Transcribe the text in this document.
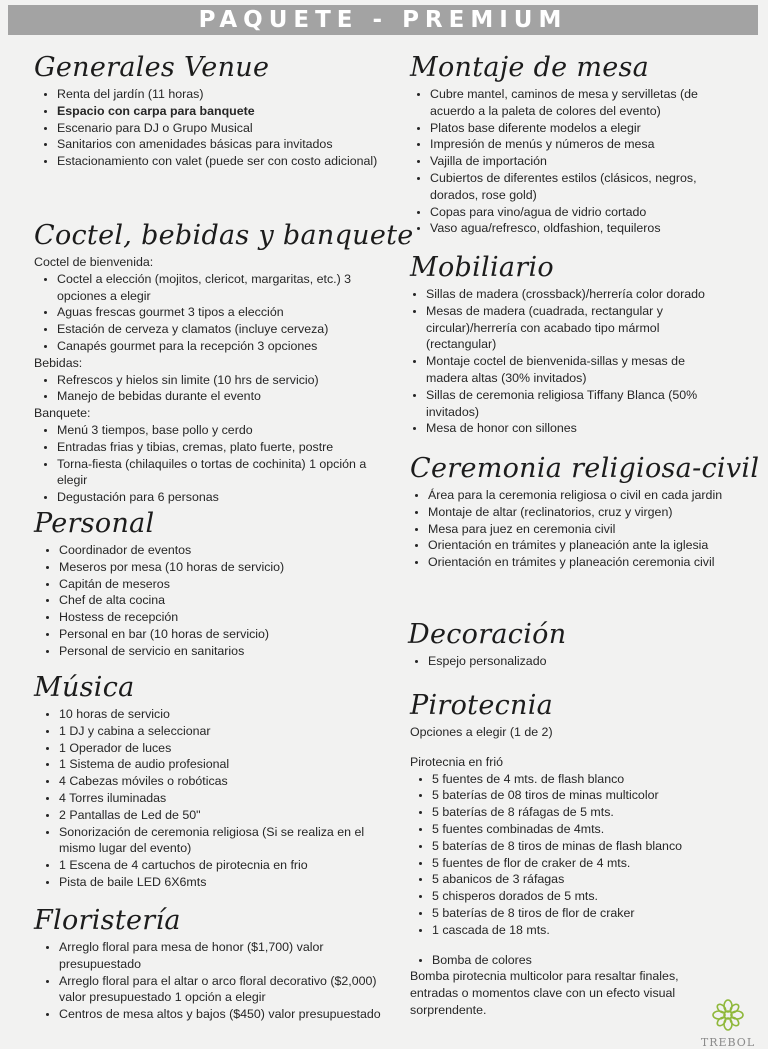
PAQUETE - PREMIUM
Generales Venue
• Renta del jardín (11 horas)
• Espacio con carpa para banquete
• Escenario para DJ o Grupo Musical
• Sanitarios con amenidades básicas para invitados
• Estacionamiento con valet (puede ser con costo adicional)
Coctel, bebidas y banquete

Coctel de bienvenida:

• Coctel a elección (mojitos, clericot, margaritas, etc.) 3 opciones a elegir
• Aguas frescas gourmet 3 tipos a elección
• Estación de cerveza y clamatos (incluye cerveza)
• Canapés gourmet para la recepción 3 opciones

Bebidas:

• Refrescos y hielos sin limite (10 hrs de servicio)
• Manejo de bebidas durante el evento

Banquete:

• Menú 3 tiempos, base pollo y cerdo
• Entradas frias y tibias, cremas, plato fuerte, postre
• Torna-fiesta (chilaquiles o tortas de cochinita) 1 opción a elegir
• Degustación para 6 personas
Personal
• Coordinador de eventos
• Meseros por mesa (10 horas de servicio)
• Capitán de meseros
• Chef de alta cocina
• Hostess de recepción
• Personal en bar (10 horas de servicio)
• Personal de servicio en sanitarios
Música
• 10 horas de servicio
• 1 DJ y cabina a seleccionar
• 1 Operador de luces
• 1 Sistema de audio profesional
• 4 Cabezas móviles o robóticas
• 4 Torres iluminadas
• 2 Pantallas de Led de 50"
• Sonorización de ceremonia religiosa (Si se realiza en el mismo lugar del evento)
• 1 Escena de 4 cartuchos de pirotecnia en frio
• Pista de baile LED 6X6mts
Floristería
• Arreglo floral para mesa de honor ($1,700) valor presupuestado
• Arreglo floral para el altar o arco floral decorativo ($2,000) valor presupuestado 1 opción a elegir
• Centros de mesa altos y bajos ($450) valor presupuestado
Montaje de mesa
• Cubre mantel, caminos de mesa y servilletas (de acuerdo a la paleta de colores del evento)
• Platos base diferente modelos a elegir
• Impresión de menús y números de mesa
• Vajilla de importación
• Cubiertos de diferentes estilos (clásicos, negros, dorados, rose gold)
• Copas para vino/agua de vidrio cortado
• Vaso agua/refresco, oldfashion, tequileros
Mobiliario
• Sillas de madera (crossback)/herrería color dorado
• Mesas de madera (cuadrada, rectangular y circular)/herrería con acabado tipo mármol (rectangular)
• Montaje coctel de bienvenida-sillas y mesas de madera altas (30% invitados)
• Sillas de ceremonia religiosa Tiffany Blanca (50% invitados)
• Mesa de honor con sillones
Ceremonia religiosa-civil
• Área para la ceremonia religiosa o civil en cada jardin
• Montaje de altar (reclinatorios, cruz y virgen)
• Mesa para juez en ceremonia civil
• Orientación en trámites y planeación ante la iglesia
• Orientación en trámites y planeación ceremonia civil
Decoración
• Espejo personalizado
Pirotecnia

Opciones a elegir (1 de 2)

Pirotecnia en frió

• 5 fuentes de 4 mts. de flash blanco
• 5 baterías de 08 tiros de minas multicolor
• 5 baterías de 8 ráfagas de 5 mts.
• 5 fuentes combinadas de 4mts.
• 5 baterías de 8 tiros de minas de flash blanco
• 5 fuentes de flor de craker de 4 mts.
• 5 abanicos de 3 ráfagas
• 5 chisperos dorados de 5 mts.
• 5 baterías de 8 tiros de flor de craker
• 1 cascada de 18 mts.
• Bomba de colores

Bomba pirotecnia multicolor para resaltar finales, entradas o momentos clave con un efecto visual sorprendente.

TREBOL
